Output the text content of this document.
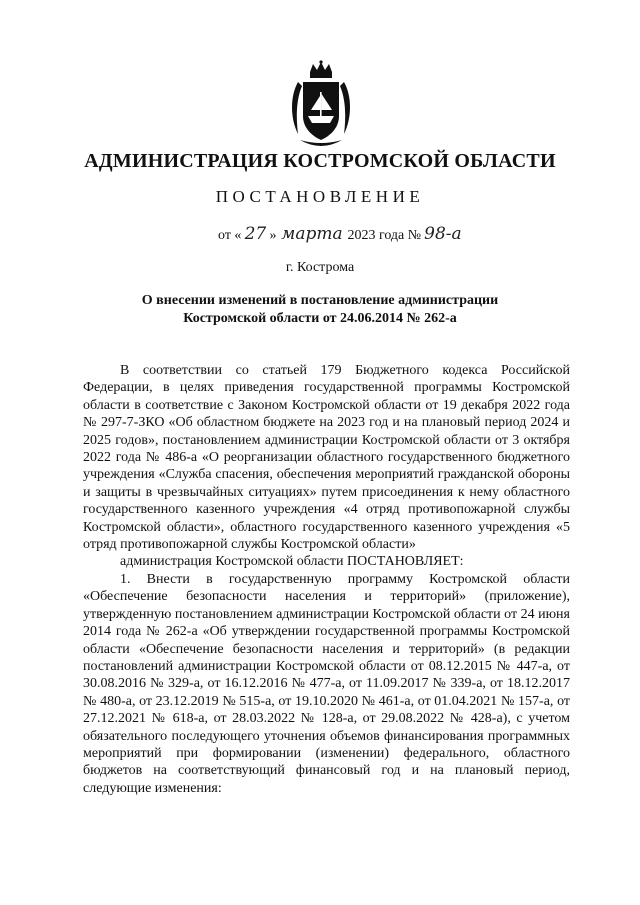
АДМИНИСТРАЦИЯ КОСТРОМСКОЙ ОБЛАСТИ
ПОСТАНОВЛЕНИЕ
от « 27 » марта 2023 года № 98-а
г. Кострома
О внесении изменений в постановление администрации
Костромской области от 24.06.2014 № 262-а

В соответствии со статьей 179 Бюджетного кодекса Российской Федерации, в целях приведения государственной программы Костромской области в соответствие с Законом Костромской области от 19 декабря 2022 года № 297-7-ЗКО «Об областном бюджете на 2023 год и на плановый период 2024 и 2025 годов», постановлением администрации Костромской области от 3 октября 2022 года № 486-а «О реорганизации областного государственного бюджетного учреждения «Служба спасения, обеспечения мероприятий гражданской обороны и защиты в чрезвычайных ситуациях» путем присоединения к нему областного государственного казенного учреждения «4 отряд противопожарной службы Костромской области», областного государственного казенного учреждения «5 отряд противопожарной службы Костромской области»

администрация Костромской области ПОСТАНОВЛЯЕТ:

1. Внести в государственную программу Костромской области «Обеспечение безопасности населения и территорий» (приложение), утвержденную постановлением администрации Костромской области от 24 июня 2014 года № 262-а «Об утверждении государственной программы Костромской области «Обеспечение безопасности населения и территорий» (в редакции постановлений администрации Костромской области от 08.12.2015 № 447-а, от 30.08.2016 № 329-а, от 16.12.2016 № 477-а, от 11.09.2017 № 339-а, от 18.12.2017 № 480-а, от 23.12.2019 № 515-а, от 19.10.2020 № 461-а, от 01.04.2021 № 157-а, от 27.12.2021 № 618-а, от 28.03.2022 № 128-а, от 29.08.2022 № 428-а), с учетом обязательного последующего уточнения объемов финансирования программных мероприятий при формировании (изменении) федерального, областного бюджетов на соответствующий финансовый год и на плановый период, следующие изменения:
